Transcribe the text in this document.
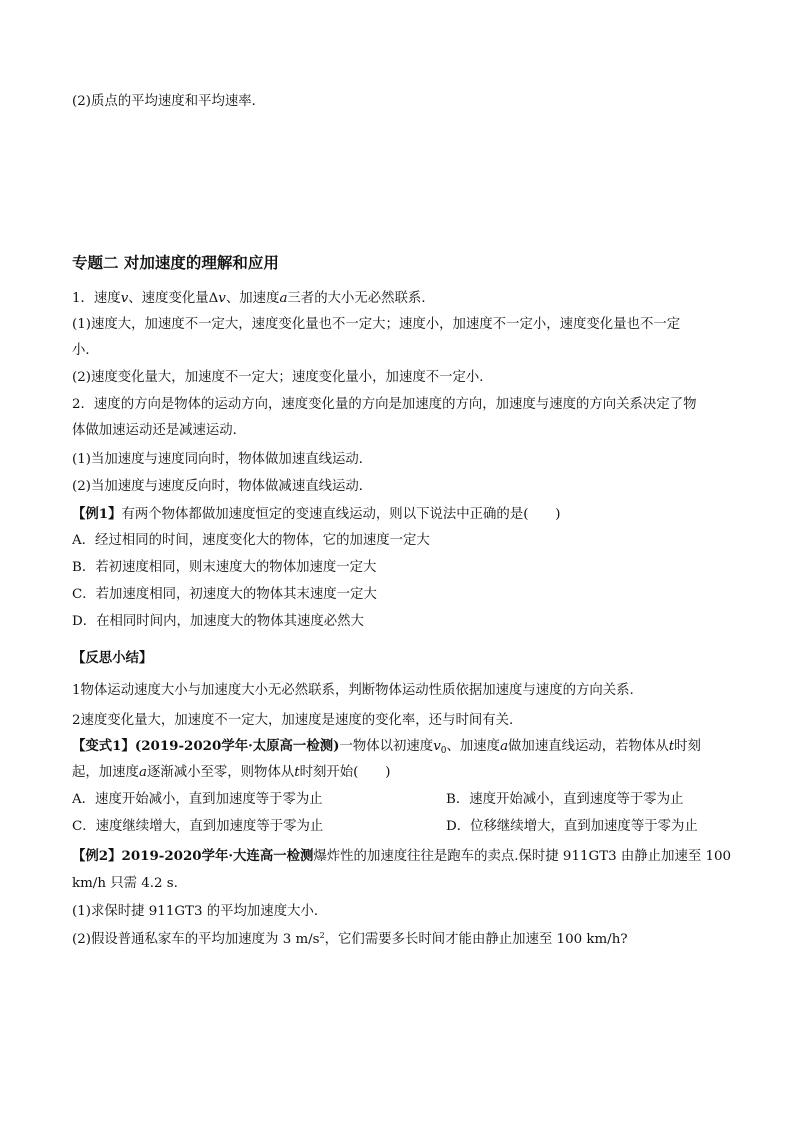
(2)质点的平均速度和平均速率．
专题二 对加速度的理解和应用
1．速度v、速度变化量Δv、加速度a三者的大小无必然联系．
(1)速度大，加速度不一定大，速度变化量也不一定大；速度小，加速度不一定小，速度变化量也不一定
小．
(2)速度变化量大，加速度不一定大；速度变化量小，加速度不一定小．
2．速度的方向是物体的运动方向，速度变化量的方向是加速度的方向，加速度与速度的方向关系决定了物
体做加速运动还是减速运动．
(1)当加速度与速度同向时，物体做加速直线运动．
(2)当加速度与速度反向时，物体做减速直线运动．
【例1】有两个物体都做加速度恒定的变速直线运动，则以下说法中正确的是(　　)
A．经过相同的时间，速度变化大的物体，它的加速度一定大
B．若初速度相同，则末速度大的物体加速度一定大
C．若加速度相同，初速度大的物体其末速度一定大
D．在相同时间内，加速度大的物体其速度必然大
【反思小结】
1物体运动速度大小与加速度大小无必然联系，判断物体运动性质依据加速度与速度的方向关系.
2速度变化量大，加速度不一定大，加速度是速度的变化率，还与时间有关.
【变式1】(2019-2020学年·太原高一检测)一物体以初速度$v_0$、加速度a做加速直线运动，若物体从t时刻
起，加速度a逐渐减小至零，则物体从t时刻开始(　　)
A．速度开始减小，直到加速度等于零为止	B．速度开始减小，直到速度等于零为止
C．速度继续增大，直到加速度等于零为止	D．位移继续增大，直到加速度等于零为止
【例2】2019-2020学年·大连高一检测爆炸性的加速度往往是跑车的卖点.保时捷 911GT3 由静止加速至 100
km/h 只需 4.2 s.
(1)求保时捷 911GT3 的平均加速度大小．
(2)假设普通私家车的平均加速度为 3 $m/s^2$，它们需要多长时间才能由静止加速至 100 km/h?
